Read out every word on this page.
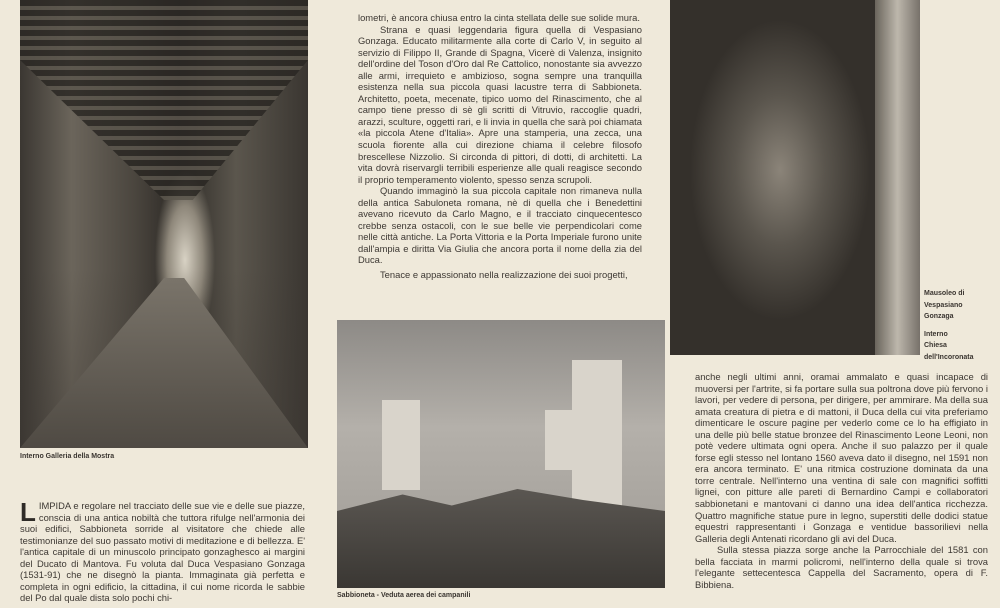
Interno Galleria della Mostra
L IMPIDA e regolare nel tracciato delle sue vie e delle sue piazze, conscia di una antica nobiltà che tuttora rifulge nell'armonia dei suoi edifici, Sabbioneta sorride al visitatore che chiede alle testimonianze del suo passato motivi di meditazione e di bellezza. E' l'antica capitale di un minuscolo principato gonzaghesco ai margini del Ducato di Mantova. Fu voluta dal Duca Vespasiano Gonzaga (1531-91) che ne disegnò la pianta. Immaginata già perfetta e completa in ogni edificio, la cittadina, il cui nome ricorda le sabbie del Po dal quale dista solo pochi chi-

lometri, è ancora chiusa entro la cinta stellata delle sue solide mura.

Strana e quasi leggendaria figura quella di Vespasiano Gonzaga. Educato militarmente alla corte di Carlo V, in seguito al servizio di Filippo II, Grande di Spagna, Vicerè di Valenza, insignito dell'ordine del Toson d'Oro dal Re Cattolico, nonostante sia avvezzo alle armi, irrequieto e ambizioso, sogna sempre una tranquilla esistenza nella sua piccola quasi lacustre terra di Sabbioneta. Architetto, poeta, mecenate, tipico uomo del Rinascimento, che al campo tiene presso di sè gli scritti di Vitruvio, raccoglie quadri, arazzi, sculture, oggetti rari, e li invia in quella che sarà poi chiamata «la piccola Atene d'Italia». Apre una stamperia, una zecca, una scuola fiorente alla cui direzione chiama il celebre filosofo brescellese Nizzolio. Si circonda di pittori, di dotti, di architetti. La vita dovrà riservargli terribili esperienze alle quali reagisce secondo il proprio temperamento violento, spesso senza scrupoli.

Quando immaginò la sua piccola capitale non rimaneva nulla della antica Sabuloneta romana, nè di quella che i Benedettini avevano ricevuto da Carlo Magno, e il tracciato cinquecentesco crebbe senza ostacoli, con le sue belle vie perpendicolari come nelle città antiche. La Porta Vittoria e la Porta Imperiale furono unite dall'ampia e diritta Via Giulia che ancora porta il nome della zia del Duca.

Tenace e appassionato nella realizzazione dei suoi progetti,

Sabbioneta - Veduta aerea dei campanili
Mausoleo di
Vespasiano
Gonzaga
Interno
Chiesa
dell'Incoronata

anche negli ultimi anni, oramai ammalato e quasi incapace di muoversi per l'artrite, si fa portare sulla sua poltrona dove più fervono i lavori, per vedere di persona, per dirigere, per ammirare. Ma della sua amata creatura di pietra e di mattoni, il Duca della cui vita preferiamo dimenticare le oscure pagine per vederlo come ce lo ha effigiato in una delle più belle statue bronzee del Rinascimento Leone Leoni, non potè vedere ultimata ogni opera. Anche il suo palazzo per il quale forse egli stesso nel lontano 1560 aveva dato il disegno, nel 1591 non era ancora terminato. E' una ritmica costruzione dominata da una torre centrale. Nell'interno una ventina di sale con magnifici soffitti lignei, con pitture alle pareti di Bernardino Campi e collaboratori sabbionetani e mantovani ci danno una idea dell'antica ricchezza. Quattro magnifiche statue pure in legno, superstiti delle dodici statue equestri rappresentanti i Gonzaga e ventidue bassorilievi nella Galleria degli Antenati ricordano gli avi del Duca.

Sulla stessa piazza sorge anche la Parrocchiale del 1581 con bella facciata in marmi policromi, nell'interno della quale si trova l'elegante settecentesca Cappella del Sacramento, opera di F. Bibbiena.
